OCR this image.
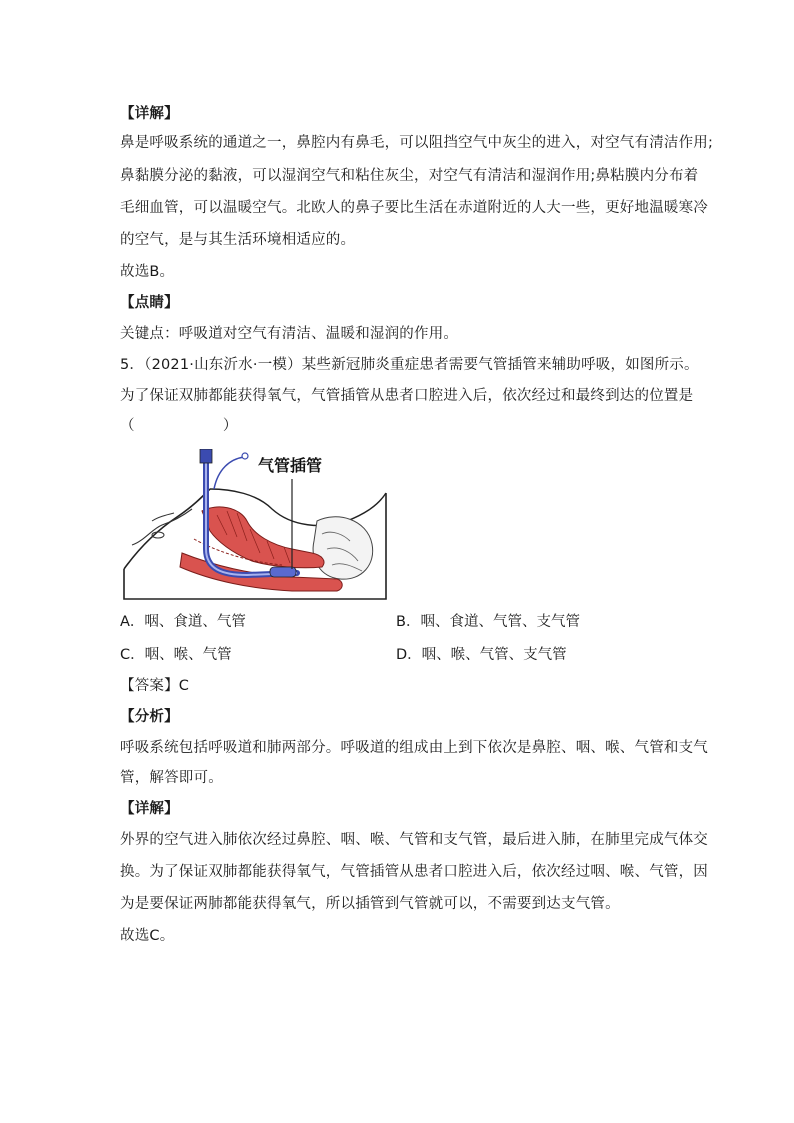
【详解】
鼻是呼吸系统的通道之一，鼻腔内有鼻毛，可以阻挡空气中灰尘的进入，对空气有清洁作用;
鼻黏膜分泌的黏液，可以湿润空气和粘住灰尘，对空气有清洁和湿润作用;鼻粘膜内分布着
毛细血管，可以温暖空气。北欧人的鼻子要比生活在赤道附近的人大一些，更好地温暖寒冷
的空气，是与其生活环境相适应的。
故选B。
【点睛】
关键点：呼吸道对空气有清洁、温暖和湿润的作用。
5．（2021·山东沂水·一模）某些新冠肺炎重症患者需要气管插管来辅助呼吸，如图所示。
为了保证双肺都能获得氧气，气管插管从患者口腔进入后，依次经过和最终到达的位置是
（　　　　　　）
气管插管
A．咽、食道、气管	B．咽、食道、气管、支气管
C．咽、喉、气管	D．咽、喉、气管、支气管
【答案】C
【分析】
呼吸系统包括呼吸道和肺两部分。呼吸道的组成由上到下依次是鼻腔、咽、喉、气管和支气
管，解答即可。
【详解】
外界的空气进入肺依次经过鼻腔、咽、喉、气管和支气管，最后进入肺，在肺里完成气体交
换。为了保证双肺都能获得氧气，气管插管从患者口腔进入后，依次经过咽、喉、气管，因
为是要保证两肺都能获得氧气，所以插管到气管就可以，不需要到达支气管。
故选C。
